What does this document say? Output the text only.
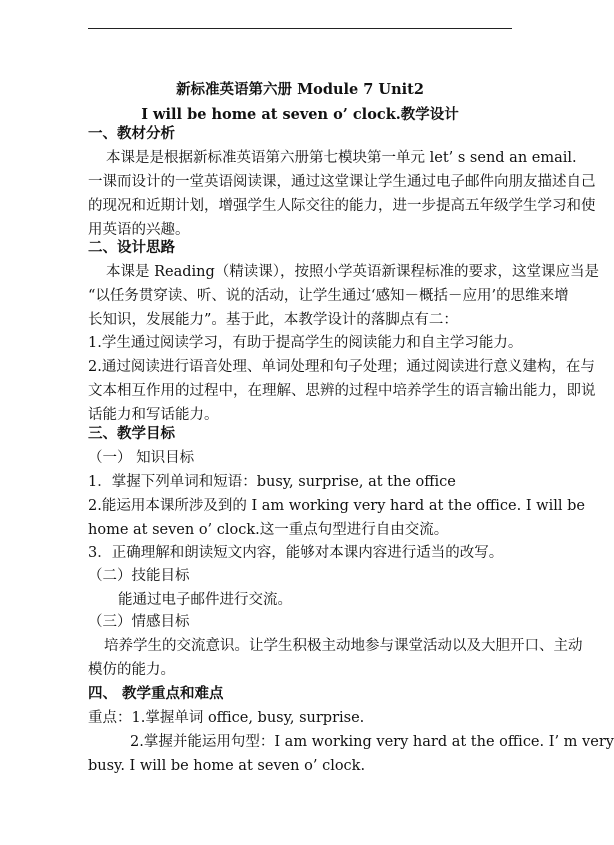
新标准英语第六册 Module 7 Unit2
I will be home at seven o’ clock.教学设计
一、教材分析
本课是是根据新标准英语第六册第七模块第一单元 let’ s send an email.
一课而设计的一堂英语阅读课，通过这堂课让学生通过电子邮件向朋友描述自己
的现况和近期计划，增强学生人际交往的能力，进一步提高五年级学生学习和使
用英语的兴趣。
二、设计思路
本课是 Reading（精读课），按照小学英语新课程标准的要求，这堂课应当是
“以任务贯穿读、听、说的活动，让学生通过‘感知－概括－应用’的思维来增
长知识，发展能力”。基于此，本教学设计的落脚点有二：
1.学生通过阅读学习，有助于提高学生的阅读能力和自主学习能力。
2.通过阅读进行语音处理、单词处理和句子处理；通过阅读进行意义建构，在与
文本相互作用的过程中，在理解、思辨的过程中培养学生的语言输出能力，即说
话能力和写话能力。
三、教学目标
（一） 知识目标
1．掌握下列单词和短语：busy, surprise, at the office
2.能运用本课所涉及到的 I am working very hard at the office. I will be
home at seven o’ clock.这一重点句型进行自由交流。
3．正确理解和朗读短文内容，能够对本课内容进行适当的改写。
（二）技能目标
能通过电子邮件进行交流。
（三）情感目标
培养学生的交流意识。让学生积极主动地参与课堂活动以及大胆开口、主动
模仿的能力。
四、 教学重点和难点
重点：1.掌握单词 office, busy, surprise.
2.掌握并能运用句型：I am working very hard at the office. I’ m very
busy. I will be home at seven o’ clock.
